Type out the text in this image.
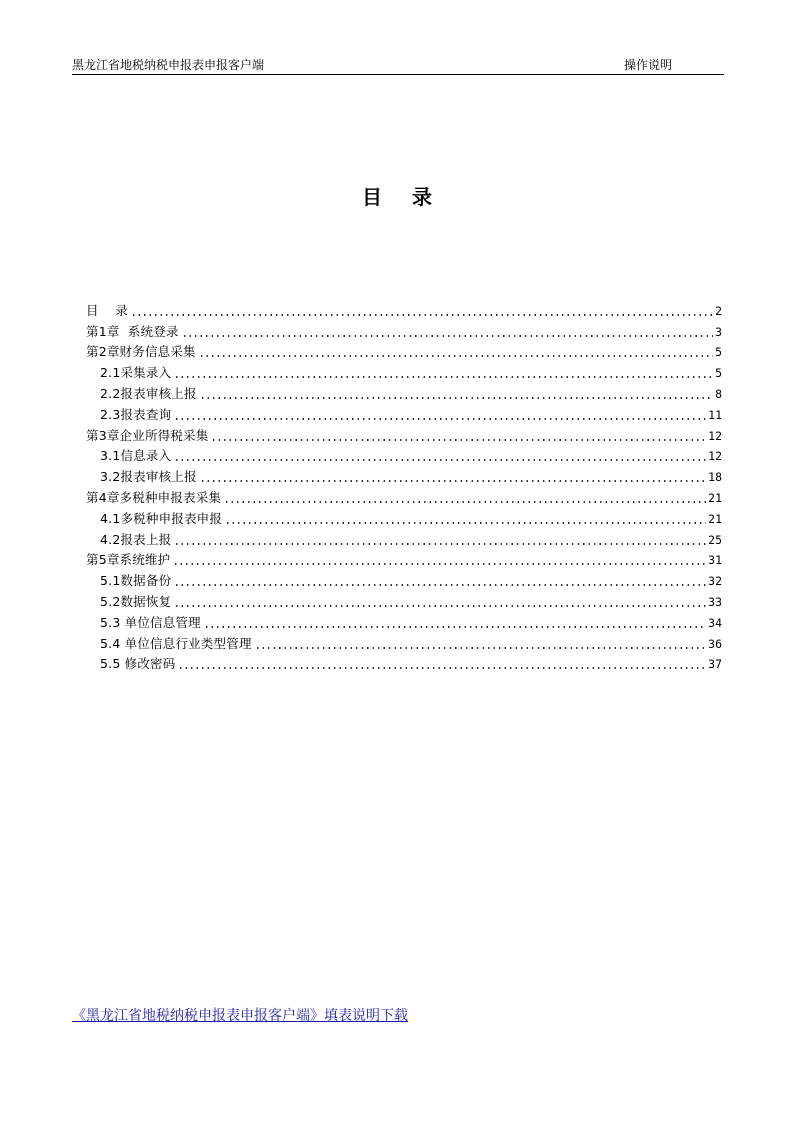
黑龙江省地税纳税申报表申报客户端	操作说明
目 录
目    录	2
第1章  系统登录	3
第2章财务信息采集	5
2.1采集录入	5
2.2报表审核上报	8
2.3报表查询	11
第3章企业所得税采集	12
3.1信息录入	12
3.2报表审核上报	18
第4章多税种申报表采集	21
4.1多税种申报表申报	21
4.2报表上报	25
第5章系统维护	31
5.1数据备份	32
5.2数据恢复	33
5.3 单位信息管理	34
5.4 单位信息行业类型管理	36
5.5 修改密码	37
《黑龙江省地税纳税申报表申报客户端》填表说明下载
